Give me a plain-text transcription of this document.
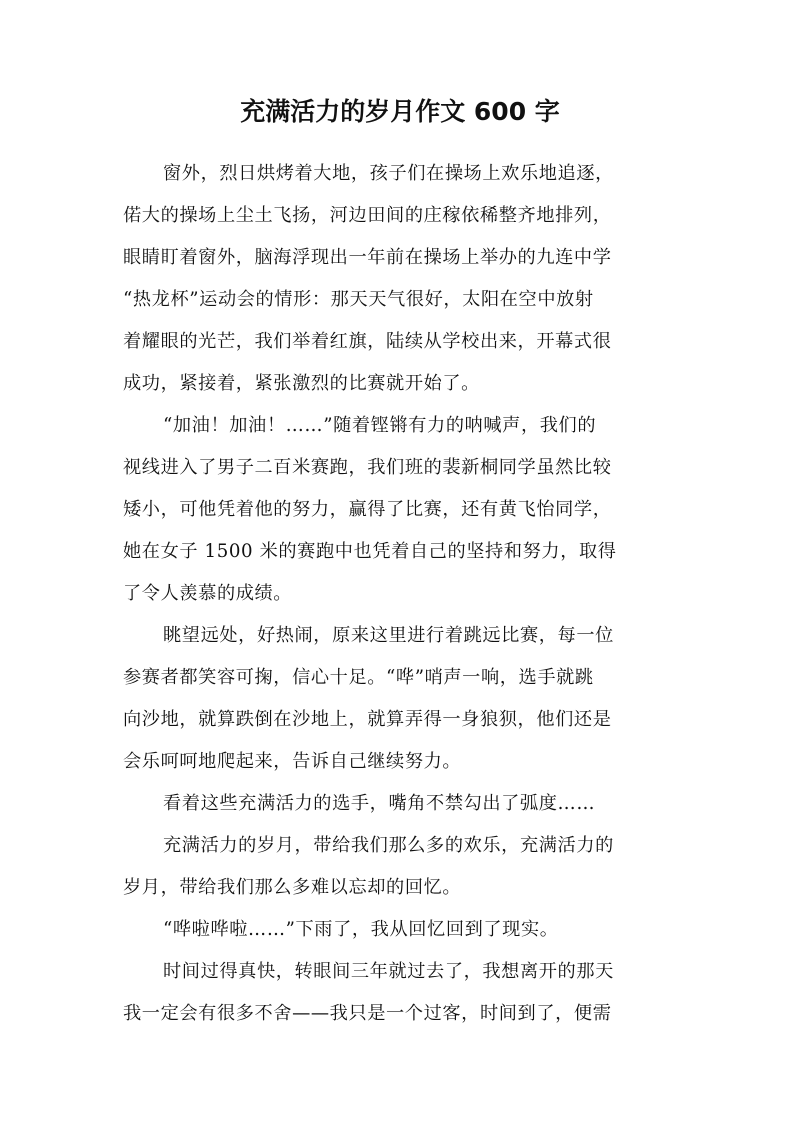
充满活力的岁月作文 600 字
窗外，烈日烘烤着大地，孩子们在操场上欢乐地追逐，
偌大的操场上尘土飞扬，河边田间的庄稼依稀整齐地排列，
眼睛盯着窗外，脑海浮现出一年前在操场上举办的九连中学
“热龙杯”运动会的情形：那天天气很好，太阳在空中放射
着耀眼的光芒，我们举着红旗，陆续从学校出来，开幕式很
成功，紧接着，紧张激烈的比赛就开始了。
“加油！加油！……”随着铿锵有力的呐喊声，我们的
视线进入了男子二百米赛跑，我们班的裴新桐同学虽然比较
矮小，可他凭着他的努力，赢得了比赛，还有黄飞怡同学，
她在女子 1500 米的赛跑中也凭着自己的坚持和努力，取得
了令人羡慕的成绩。
眺望远处，好热闹，原来这里进行着跳远比赛，每一位
参赛者都笑容可掬，信心十足。“哗”哨声一响，选手就跳
向沙地，就算跌倒在沙地上，就算弄得一身狼狈，他们还是
会乐呵呵地爬起来，告诉自己继续努力。
看着这些充满活力的选手，嘴角不禁勾出了弧度……
充满活力的岁月，带给我们那么多的欢乐，充满活力的
岁月，带给我们那么多难以忘却的回忆。
“哗啦哗啦……”下雨了，我从回忆回到了现实。
时间过得真快，转眼间三年就过去了，我想离开的那天
我一定会有很多不舍——我只是一个过客，时间到了，便需
